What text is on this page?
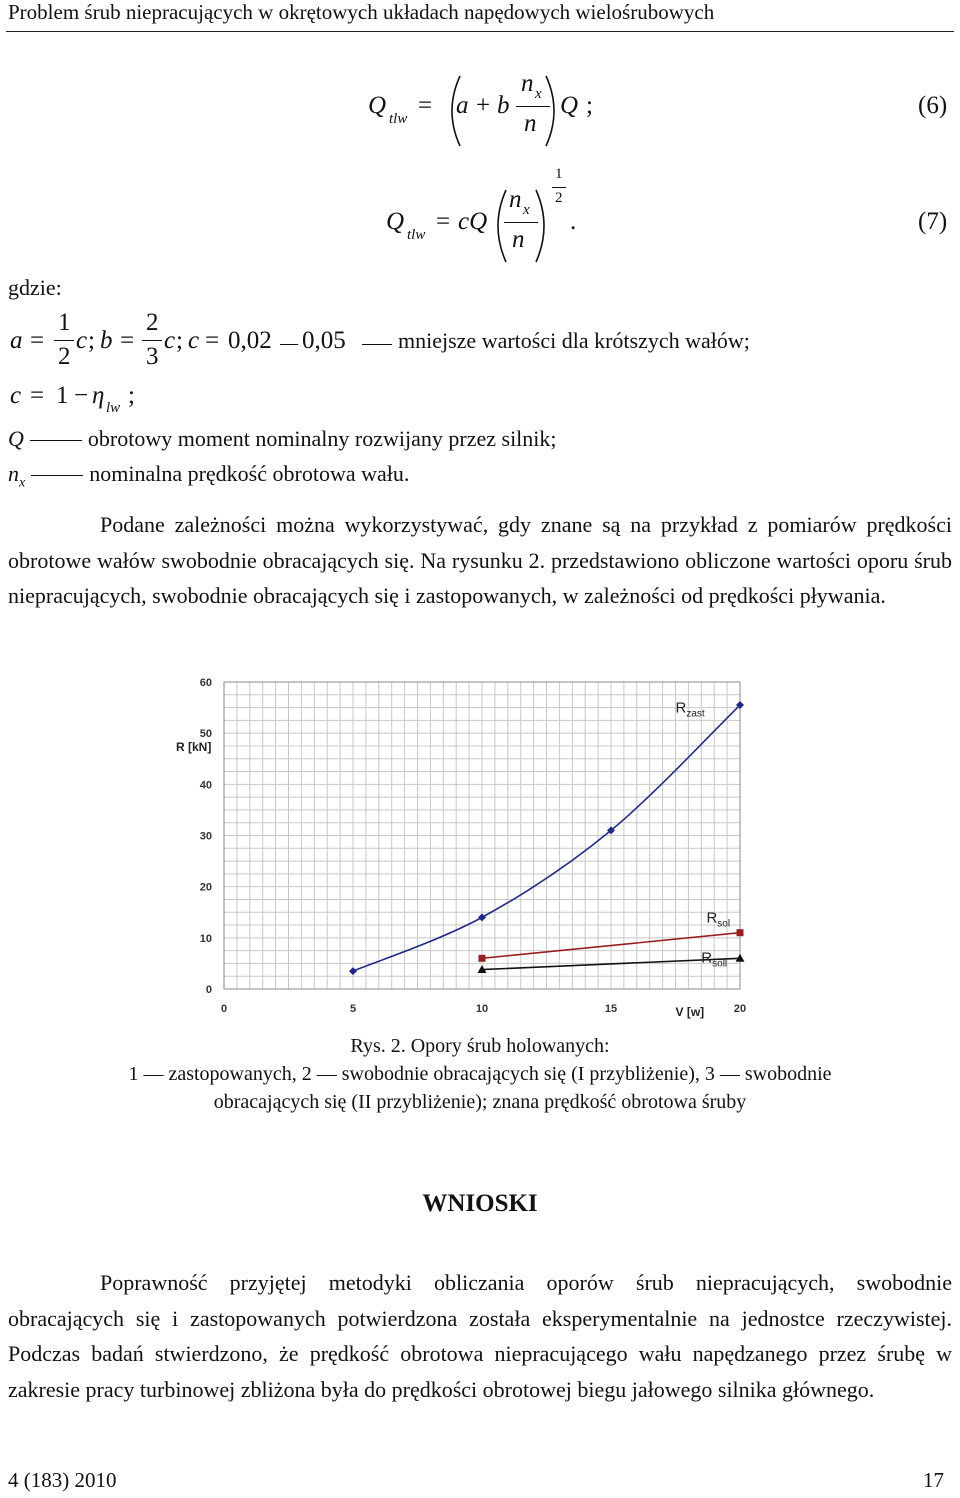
Problem śrub niepracujących w okrętowych układach napędowych wielośrubowych
Q tlw = a + b
n x
n
Q ;	(6)
Q tlw = cQ
n x
n
1
2
.	(7)
gdzie:
a =
1
2
c ; b =
2
3
c ; c = 0,02 0,05 mniejsze wartości dla krótszych wałów;
c = 1 − η lw ;
Q	obrotowy moment nominalny rozwijany przez silnik;
$n_x$	nominalna prędkość obrotowa wału.
Podane zależności można wykorzystywać, gdy znane są na przykład z pomiarów prędkości obrotowe wałów swobodnie obracających się. Na rysunku 2. przedstawiono obliczone wartości oporu śrub niepracujących, swobodnie obracających się i zastopowanych, w zależności od prędkości pływania.
0
10
20
30
40
50
60
0	5	10	15	20
R [kN]
V [w]
$R_{zast}$
$R_{sol}$
$R_{soll}$
Rys. 2. Opory śrub holowanych:
1 — zastopowanych, 2 — swobodnie obracających się (I przybliżenie), 3 — swobodnie
obracających się (II przybliżenie); znana prędkość obrotowa śruby
WNIOSKI
Poprawność przyjętej metodyki obliczania oporów śrub niepracujących, swobodnie obracających się i zastopowanych potwierdzona została eksperymentalnie na jednostce rzeczywistej. Podczas badań stwierdzono, że prędkość obrotowa niepracującego wału napędzanego przez śrubę w zakresie pracy turbinowej zbliżona była do prędkości obrotowej biegu jałowego silnika głównego.
4 (183) 2010	17
